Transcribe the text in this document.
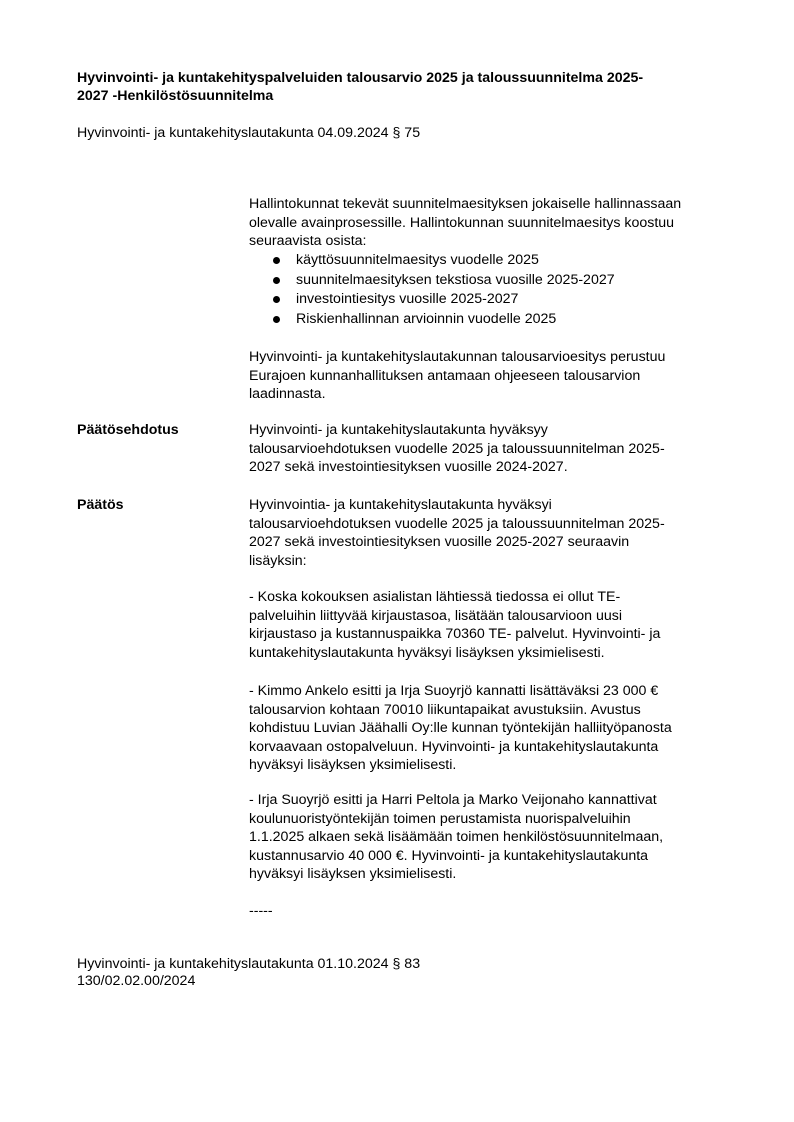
Hyvinvointi- ja kuntakehityspalveluiden talousarvio 2025 ja taloussuunnitelma 2025-
2027 -Henkilöstösuunnitelma
Hyvinvointi- ja kuntakehityslautakunta 04.09.2024 § 75
Hallintokunnat tekevät suunnitelmaesityksen jokaiselle hallinnassaan
olevalle avainprosessille. Hallintokunnan suunnitelmaesitys koostuu
seuraavista osista:
käyttösuunnitelmaesitys vuodelle 2025
suunnitelmaesityksen tekstiosa vuosille 2025-2027
investointiesitys vuosille 2025-2027
Riskienhallinnan arvioinnin vuodelle 2025
Hyvinvointi- ja kuntakehityslautakunnan talousarvioesitys perustuu
Eurajoen kunnanhallituksen antamaan ohjeeseen talousarvion
laadinnasta.
Päätösehdotus	Hyvinvointi- ja kuntakehityslautakunta hyväksyy
talousarvioehdotuksen vuodelle 2025 ja taloussuunnitelman 2025-
2027 sekä investointiesityksen vuosille 2024-2027.
Päätös	Hyvinvointia- ja kuntakehityslautakunta hyväksyi
talousarvioehdotuksen vuodelle 2025 ja taloussuunnitelman 2025-
2027 sekä investointiesityksen vuosille 2025-2027 seuraavin
lisäyksin:
- Koska kokouksen asialistan lähtiessä tiedossa ei ollut TE-
palveluihin liittyvää kirjaustasoa, lisätään talousarvioon uusi
kirjaustaso ja kustannuspaikka 70360 TE- palvelut. Hyvinvointi- ja
kuntakehityslautakunta hyväksyi lisäyksen yksimielisesti.
- Kimmo Ankelo esitti ja Irja Suoyrjö kannatti lisättäväksi 23 000 €
talousarvion kohtaan 70010 liikuntapaikat avustuksiin. Avustus
kohdistuu Luvian Jäähalli Oy:lle kunnan työntekijän halliityöpanosta
korvaavaan ostopalveluun. Hyvinvointi- ja kuntakehityslautakunta
hyväksyi lisäyksen yksimielisesti.
- Irja Suoyrjö esitti ja Harri Peltola ja Marko Veijonaho kannattivat
koulunuoristyöntekijän toimen perustamista nuorispalveluihin
1.1.2025 alkaen sekä lisäämään toimen henkilöstösuunnitelmaan,
kustannusarvio 40 000 €. Hyvinvointi- ja kuntakehityslautakunta
hyväksyi lisäyksen yksimielisesti.
-----
Hyvinvointi- ja kuntakehityslautakunta 01.10.2024 § 83
130/02.02.00/2024
